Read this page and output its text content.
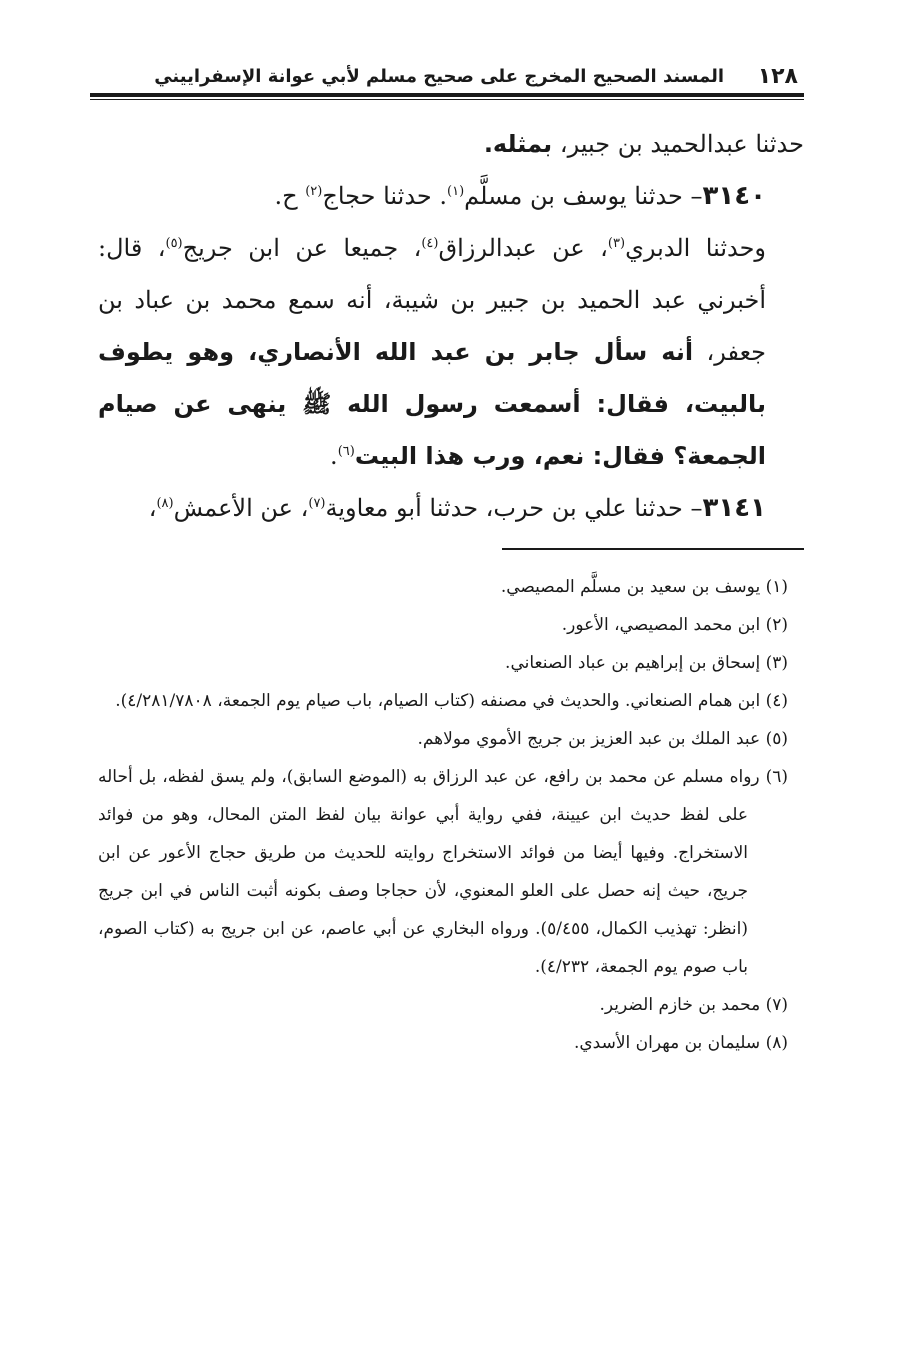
١٢٨
المسند الصحيح المخرج على صحيح مسلم لأبي عوانة الإسفراييني

حدثنا عبدالحميد بن جبير، بمثله.

٣١٤٠– حدثنا يوسف بن مسلَّم$^{(١)}$. حدثنا حجاج$^{(٢)}$ ح.

وحدثنا الدبري$^{(٣)}$، عن عبدالرزاق$^{(٤)}$، جميعا عن ابن جريج$^{(٥)}$، قال: أخبرني عبد الحميد بن جبير بن شيبة، أنه سمع محمد بن عباد بن جعفر، أنه سأل جابر بن عبد الله الأنصاري، وهو يطوف بالبيت، فقال: أسمعت رسول الله ﷺ ينهى عن صيام الجمعة؟ فقال: نعم، ورب هذا البيت$^{(٦)}$.

٣١٤١– حدثنا علي بن حرب، حدثنا أبو معاوية$^{(٧)}$، عن الأعمش$^{(٨)}$،

(١) يوسف بن سعيد بن مسلَّم المصيصي.

(٢) ابن محمد المصيصي، الأعور.

(٣) إسحاق بن إبراهيم بن عباد الصنعاني.

(٤) ابن همام الصنعاني. والحديث في مصنفه (كتاب الصيام، باب صيام يوم الجمعة، ٤/٢٨١/٧٨٠٨).

(٥) عبد الملك بن عبد العزيز بن جريج الأموي مولاهم.

(٦) رواه مسلم عن محمد بن رافع، عن عبد الرزاق به (الموضع السابق)، ولم يسق لفظه، بل أحاله على لفظ حديث ابن عيينة، ففي رواية أبي عوانة بيان لفظ المتن المحال، وهو من فوائد الاستخراج. وفيها أيضا من فوائد الاستخراج روايته للحديث من طريق حجاج الأعور عن ابن جريج، حيث إنه حصل على العلو المعنوي، لأن حجاجا وصف بكونه أثبت الناس في ابن جريج (انظر: تهذيب الكمال، ٥/٤٥٥). ورواه البخاري عن أبي عاصم، عن ابن جريج به (كتاب الصوم، باب صوم يوم الجمعة، ٤/٢٣٢).

(٧) محمد بن خازم الضرير.

(٨) سليمان بن مهران الأسدي.
